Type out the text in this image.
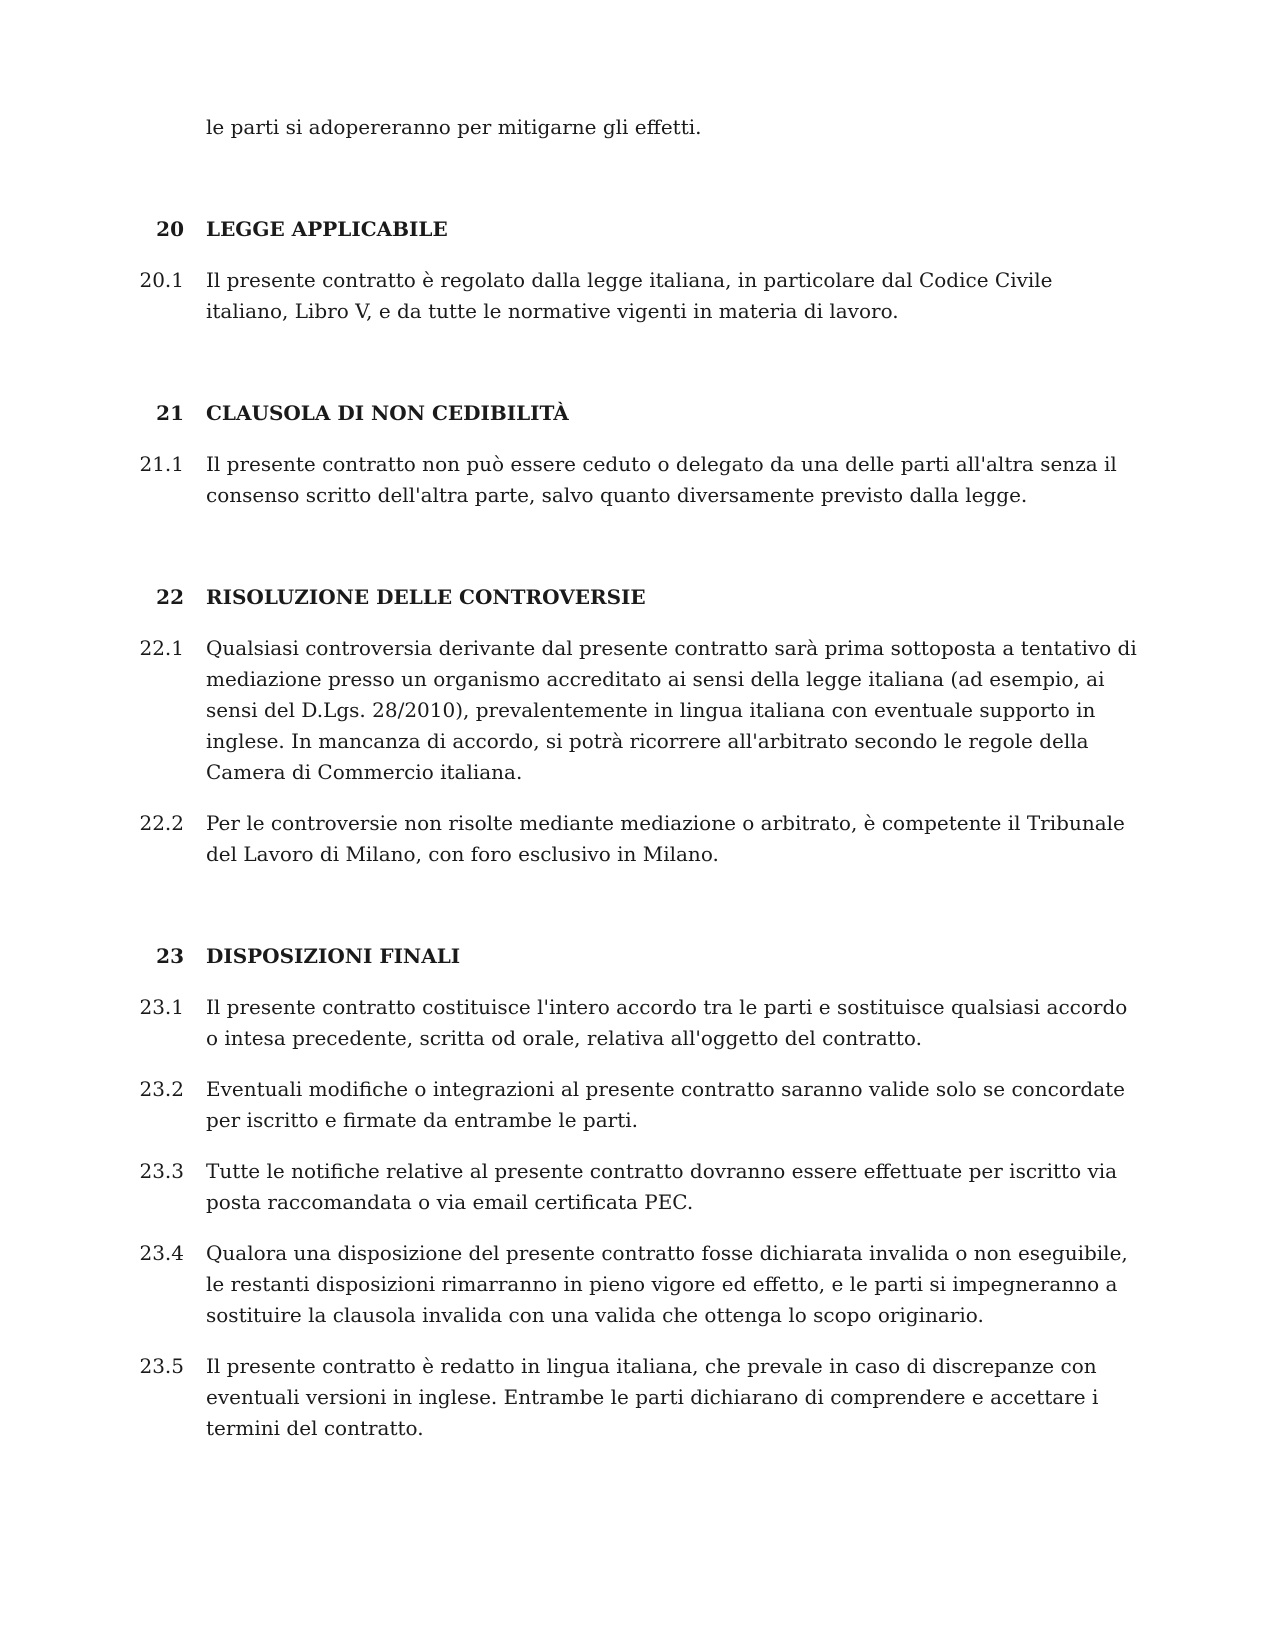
le parti si adopereranno per mitigarne gli effetti.
20 LEGGE APPLICABILE
20.1 Il presente contratto è regolato dalla legge italiana, in particolare dal Codice Civile italiano, Libro V, e da tutte le normative vigenti in materia di lavoro.
21 CLAUSOLA DI NON CEDIBILITÀ
21.1 Il presente contratto non può essere ceduto o delegato da una delle parti all'altra senza il consenso scritto dell'altra parte, salvo quanto diversamente previsto dalla legge.
22 RISOLUZIONE DELLE CONTROVERSIE
22.1 Qualsiasi controversia derivante dal presente contratto sarà prima sottoposta a tentativo di mediazione presso un organismo accreditato ai sensi della legge italiana (ad esempio, ai sensi del D.Lgs. 28/2010), prevalentemente in lingua italiana con eventuale supporto in inglese. In mancanza di accordo, si potrà ricorrere all'arbitrato secondo le regole della Camera di Commercio italiana.
22.2 Per le controversie non risolte mediante mediazione o arbitrato, è competente il Tribunale del Lavoro di Milano, con foro esclusivo in Milano.
23 DISPOSIZIONI FINALI
23.1 Il presente contratto costituisce l'intero accordo tra le parti e sostituisce qualsiasi accordo o intesa precedente, scritta od orale, relativa all'oggetto del contratto.
23.2 Eventuali modifiche o integrazioni al presente contratto saranno valide solo se concordate per iscritto e firmate da entrambe le parti.
23.3 Tutte le notifiche relative al presente contratto dovranno essere effettuate per iscritto via posta raccomandata o via email certificata PEC.
23.4 Qualora una disposizione del presente contratto fosse dichiarata invalida o non eseguibile, le restanti disposizioni rimarranno in pieno vigore ed effetto, e le parti si impegneranno a sostituire la clausola invalida con una valida che ottenga lo scopo originario.
23.5 Il presente contratto è redatto in lingua italiana, che prevale in caso di discrepanze con eventuali versioni in inglese. Entrambe le parti dichiarano di comprendere e accettare i termini del contratto.
